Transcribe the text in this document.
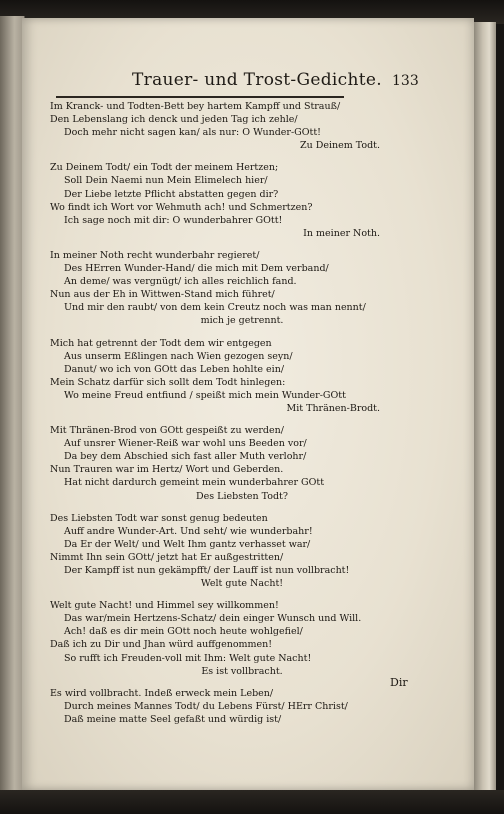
Trauer- und Trost-Gedichte. 133
Im Kranck- und Todten-Bett bey hartem Kampff und Strauß/
Den Lebenslang ich denck und jeden Tag ich zehle/
Doch mehr nicht sagen kan/ als nur: O Wunder-GOtt!
Zu Deinem Todt.
Zu Deinem Todt/ ein Todt der meinem Hertzen;
Soll Dein Naemi nun Mein Elimelech hier/
Der Liebe letzte Pflicht abstatten gegen dir?
Wo findt ich Wort vor Wehmuth ach! und Schmertzen?
Ich sage noch mit dir: O wunderbahrer GOtt!
In meiner Noth.
In meiner Noth recht wunderbahr regieret/
Des HErren Wunder-Hand/ die mich mit Dem verband/
An deme/ was vergnügt/ ich alles reichlich fand.
Nun aus der Eh in Wittwen-Stand mich führet/
Und mir den raubt/ von dem kein Creutz noch was man nennt/
mich je getrennt.
Mich hat getrennt der Todt dem wir entgegen
Aus unserm Eßlingen nach Wien gezogen seyn/
Danut/ wo ich von GOtt das Leben hohlte ein/
Mein Schatz darfür sich sollt dem Todt hinlegen:
Wo meine Freud entfiund / speißt mich mein Wunder-GOtt
Mit Thränen-Brodt.
Mit Thränen-Brod von GOtt gespeißt zu werden/
Auf unsrer Wiener-Reiß war wohl uns Beeden vor/
Da bey dem Abschied sich fast aller Muth verlohr/
Nun Trauren war im Hertz/ Wort und Geberden.
Hat nicht dardurch gemeint mein wunderbahrer GOtt
Des Liebsten Todt?
Des Liebsten Todt war sonst genug bedeuten
Auff andre Wunder-Art. Und seht/ wie wunderbahr!
Da Er der Welt/ und Welt Ihm gantz verhasset war/
Nimmt Ihn sein GOtt/ jetzt hat Er außgestritten/
Der Kampff ist nun gekämpfft/ der Lauff ist nun vollbracht!
Welt gute Nacht!
Welt gute Nacht! und Himmel sey willkommen!
Das war/mein Hertzens-Schatz/ dein einger Wunsch und Will.
Ach! daß es dir mein GOtt noch heute wohlgefiel/
Daß ich zu Dir und Jhan würd auffgenommen!
So rufft ich Freuden-voll mit Ihm: Welt gute Nacht!
Es ist vollbracht.
Es wird vollbracht. Indeß erweck mein Leben/
Durch meines Mannes Todt/ du Lebens Fürst/ HErr Christ/
Daß meine matte Seel gefaßt und würdig ist/
Dir
